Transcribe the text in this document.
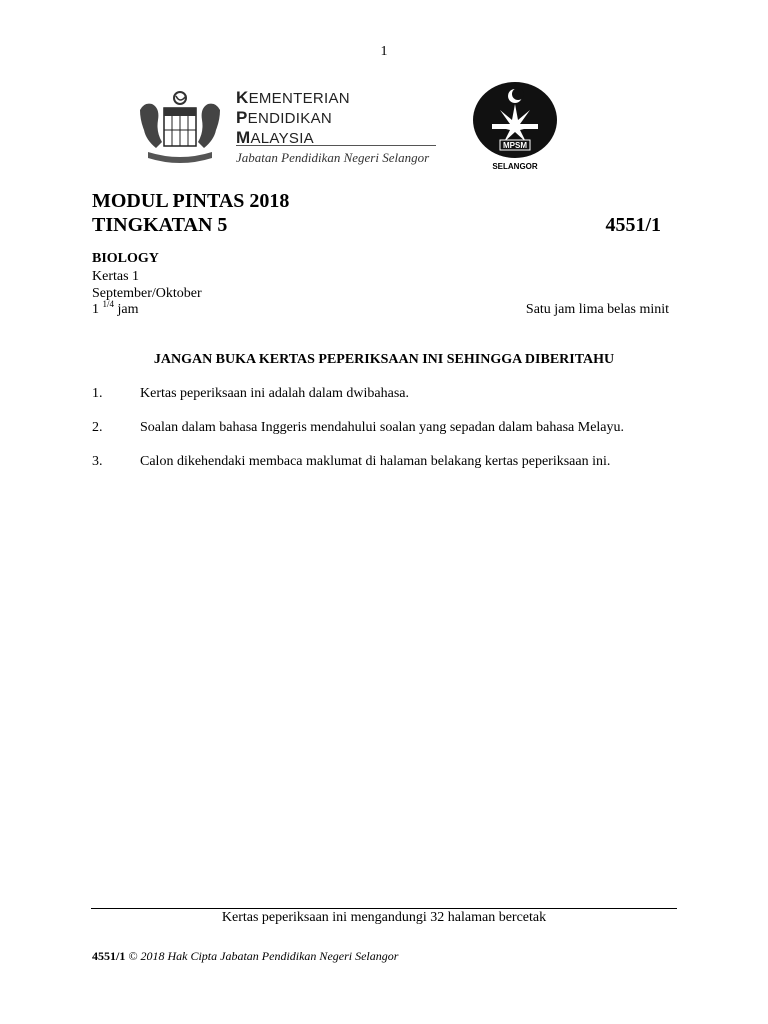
1
KEMENTERIAN
PENDIDIKAN
MALAYSIA
Jabatan Pendidikan Negeri Selangor
MPSM
SELANGOR
MODUL PINTAS 2018
TINGKATAN 5	4551/1
BIOLOGY
Kertas 1
September/Oktober
1 $^{1/4}$ jam	Satu jam lima belas minit
JANGAN BUKA KERTAS PEPERIKSAAN INI SEHINGGA DIBERITAHU
1.	Kertas peperiksaan ini adalah dalam dwibahasa.
2.	Soalan dalam bahasa Inggeris mendahului soalan yang sepadan dalam bahasa Melayu.
3.	Calon dikehendaki membaca maklumat di halaman belakang kertas peperiksaan ini.
Kertas peperiksaan ini mengandungi 32 halaman bercetak
4551/1 © 2018 Hak Cipta Jabatan Pendidikan Negeri Selangor
